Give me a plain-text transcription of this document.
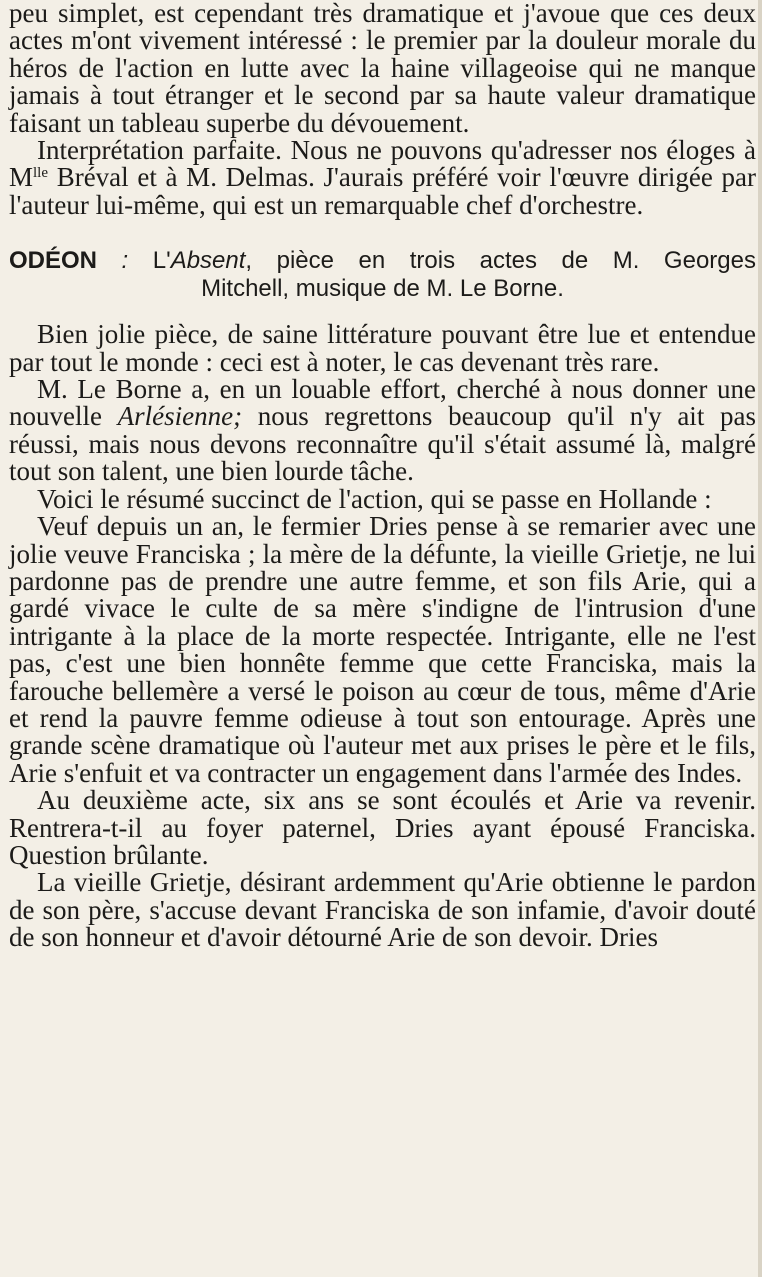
peu simplet, est cependant très dramatique et j'avoue que ces deux actes m'ont vivement intéressé : le premier par la douleur morale du héros de l'action en lutte avec la haine villageoise qui ne manque jamais à tout étranger et le second par sa haute valeur dramatique faisant un tableau superbe du dévouement.

Interprétation parfaite. Nous ne pouvons qu'adresser nos éloges à $M^{lle}$ Bréval et à M. Delmas. J'aurais préféré voir l'œuvre dirigée par l'auteur lui-même, qui est un remarquable chef d'orchestre.

ODÉON : L'Absent, pièce en trois actes de M. Georges
Mitchell, musique de M. Le Borne.

Bien jolie pièce, de saine littérature pouvant être lue et entendue par tout le monde : ceci est à noter, le cas devenant très rare.

M. Le Borne a, en un louable effort, cherché à nous donner une nouvelle Arlésienne; nous regrettons beaucoup qu'il n'y ait pas réussi, mais nous devons reconnaître qu'il s'était assumé là, malgré tout son talent, une bien lourde tâche.

Voici le résumé succinct de l'action, qui se passe en Hollande :

Veuf depuis un an, le fermier Dries pense à se remarier avec une jolie veuve Franciska ; la mère de la défunte, la vieille Grietje, ne lui pardonne pas de prendre une autre femme, et son fils Arie, qui a gardé vivace le culte de sa mère s'indigne de l'intrusion d'une intrigante à la place de la morte respectée. Intrigante, elle ne l'est pas, c'est une bien honnête femme que cette Franciska, mais la farouche bellemère a versé le poison au cœur de tous, même d'Arie et rend la pauvre femme odieuse à tout son entourage. Après une grande scène dramatique où l'auteur met aux prises le père et le fils, Arie s'enfuit et va contracter un engagement dans l'armée des Indes.

Au deuxième acte, six ans se sont écoulés et Arie va revenir. Rentrera-t-il au foyer paternel, Dries ayant épousé Franciska. Question brûlante.

La vieille Grietje, désirant ardemment qu'Arie obtienne le pardon de son père, s'accuse devant Franciska de son infamie, d'avoir douté de son honneur et d'avoir détourné Arie de son devoir. Dries
